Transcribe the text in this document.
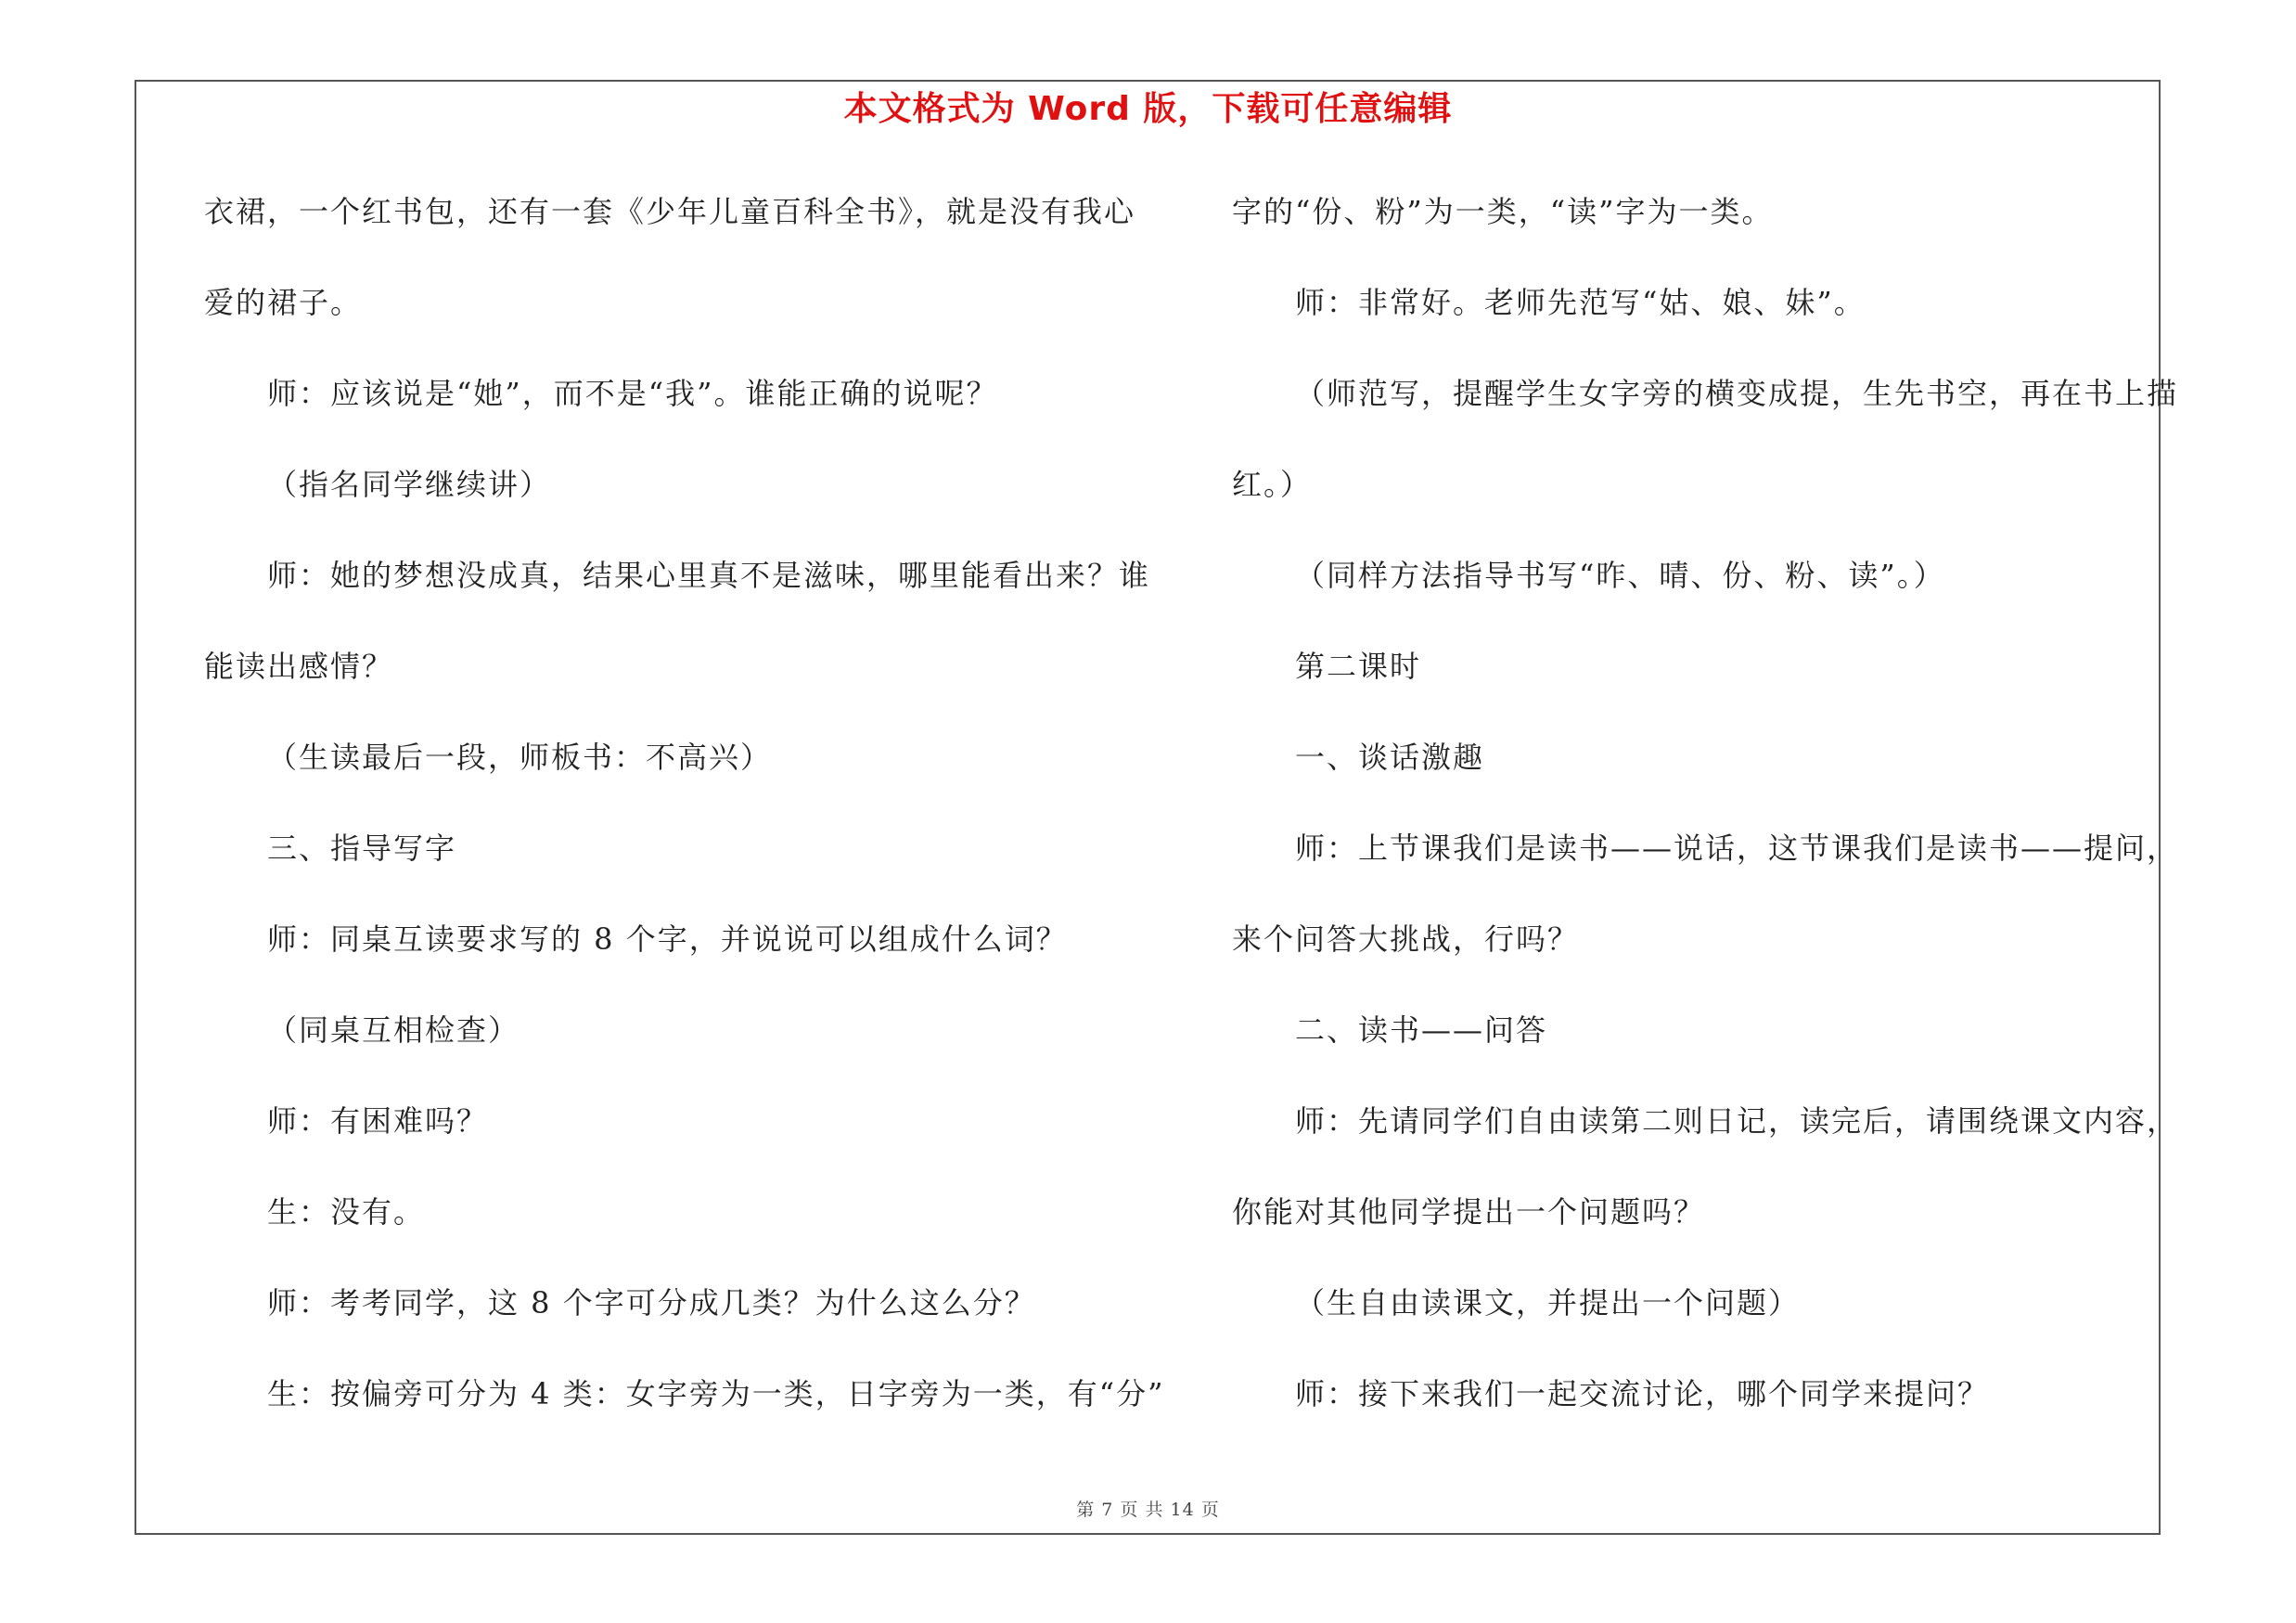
本文格式为 Word 版，下载可任意编辑
衣裙，一个红书包，还有一套《少年儿童百科全书》，就是没有我心
爱的裙子。
师：应该说是“她”，而不是“我”。谁能正确的说呢？
（指名同学继续讲）
师：她的梦想没成真，结果心里真不是滋味，哪里能看出来？谁
能读出感情？
（生读最后一段，师板书：不高兴）
三、指导写字
师：同桌互读要求写的 8 个字，并说说可以组成什么词？
（同桌互相检查）
师：有困难吗？
生：没有。
师：考考同学，这 8 个字可分成几类？为什么这么分？
生：按偏旁可分为 4 类：女字旁为一类，日字旁为一类，有“分”
字的“份、粉”为一类，“读”字为一类。
师：非常好。老师先范写“姑、娘、妹”。
（师范写，提醒学生女字旁的横变成提，生先书空，再在书上描
红。）
（同样方法指导书写“昨、晴、份、粉、读”。）
第二课时
一、谈话激趣
师：上节课我们是读书——说话，这节课我们是读书——提问，
来个问答大挑战，行吗？
二、读书——问答
师：先请同学们自由读第二则日记，读完后，请围绕课文内容，
你能对其他同学提出一个问题吗？
（生自由读课文，并提出一个问题）
师：接下来我们一起交流讨论，哪个同学来提问？
第 7 页 共 14 页
